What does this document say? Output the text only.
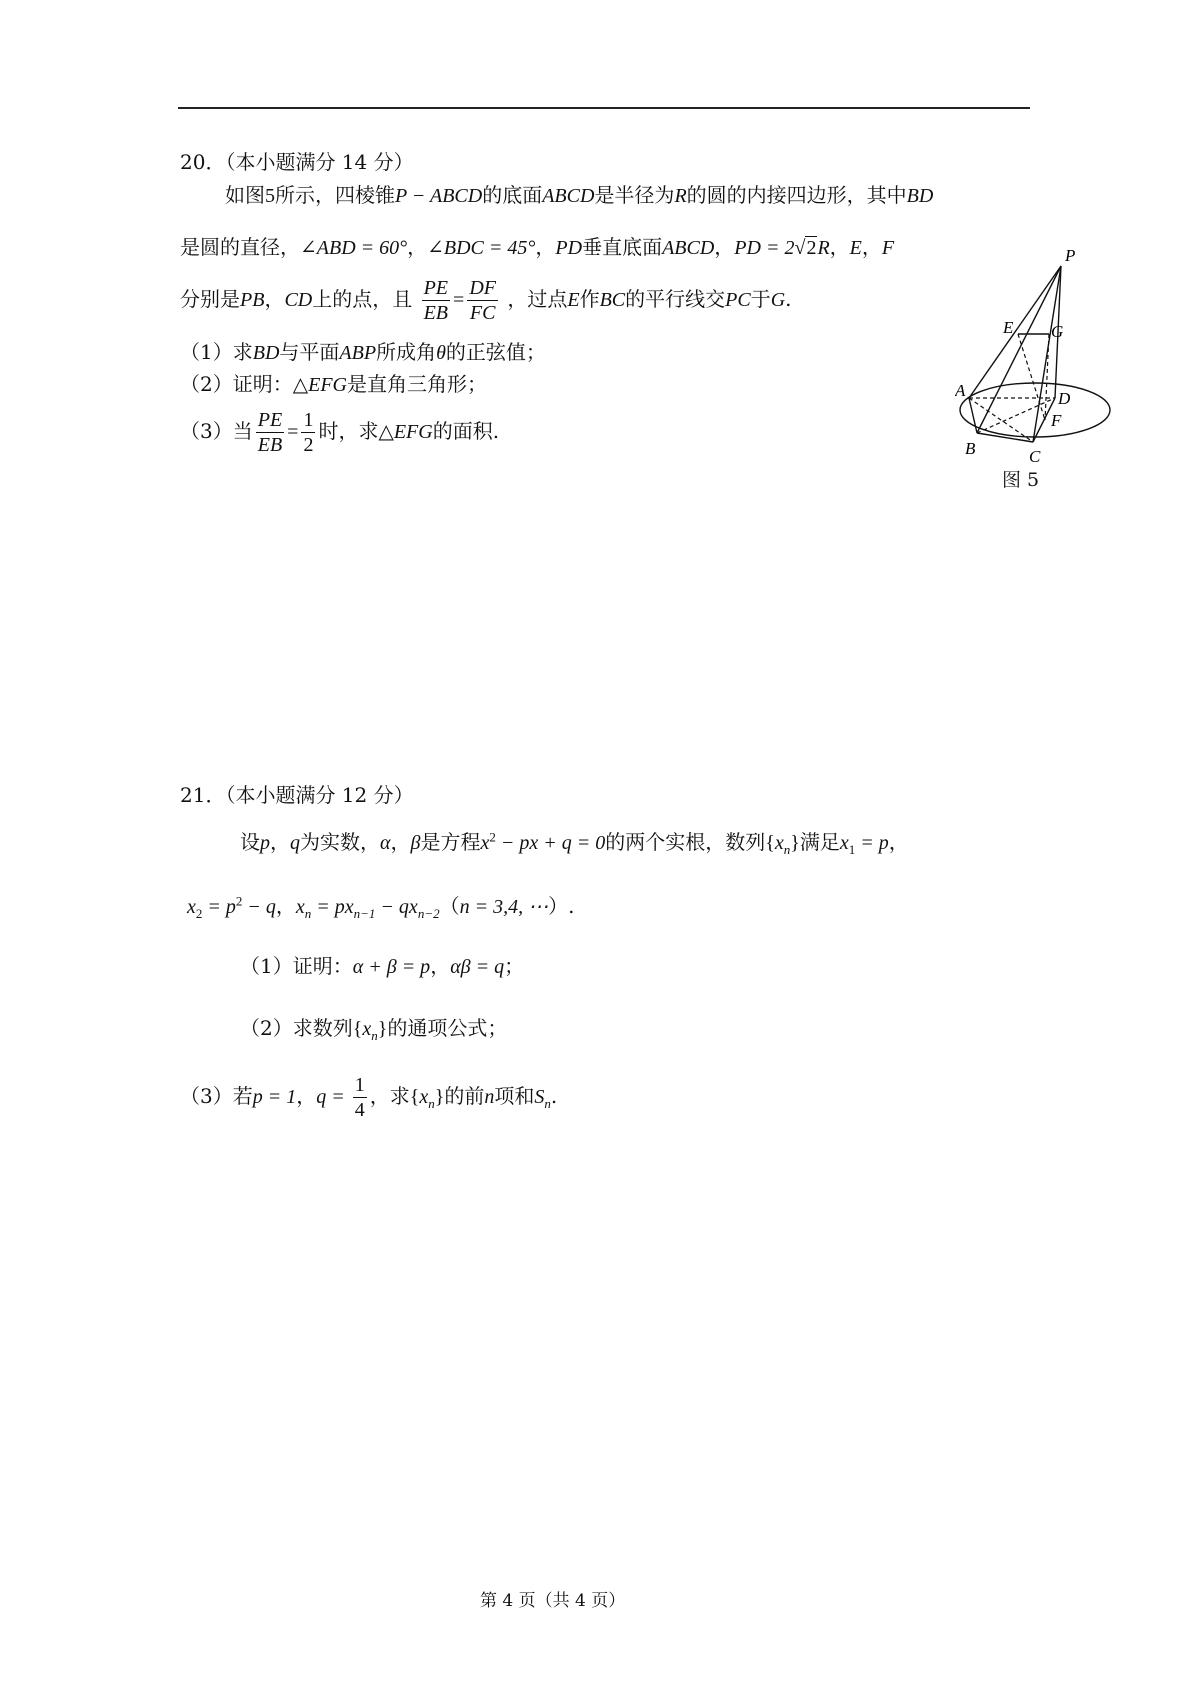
20．（本小题满分 14 分）
如图5所示，四棱锥P − ABCD的底面ABCD是半径为R的圆的内接四边形，其中BD
是圆的直径，∠ABD = 60°，∠BDC = 45°，PD垂直底面ABCD，PD = 2√2R，E，F
分别是PB，CD上的点，且 $\frac{PE}{EB} = \frac{DF}{FC}$ ，过点E作BC的平行线交PC于G.
（1）求BD与平面ABP所成角θ的正弦值；
（2）证明：△EFG是直角三角形；
（3）当 $\frac{PE}{EB} = \frac{1}{2}$ 时，求△EFG的面积.
P
E G
A	D
F
B	C
图 5
21．（本小题满分 12 分）
设p，q为实数，α，β是方程$x^2$ − px + q = 0的两个实根，数列$\{x_n\}$满足$x_1 = p$，
$x_2 = p^2 - q$，$x_n = px_{n-1} - qx_{n-2}(n = 3,4$, ⋯）.
（1）证明：α + β = p，αβ = q；
（2）求数列$\{x_n\}$的通项公式；
（3）若p = 1，$q = \frac{1}{4}$ ，求$\{x_n\}$的前n项和$S_n$.
第 4 页（共 4 页）
